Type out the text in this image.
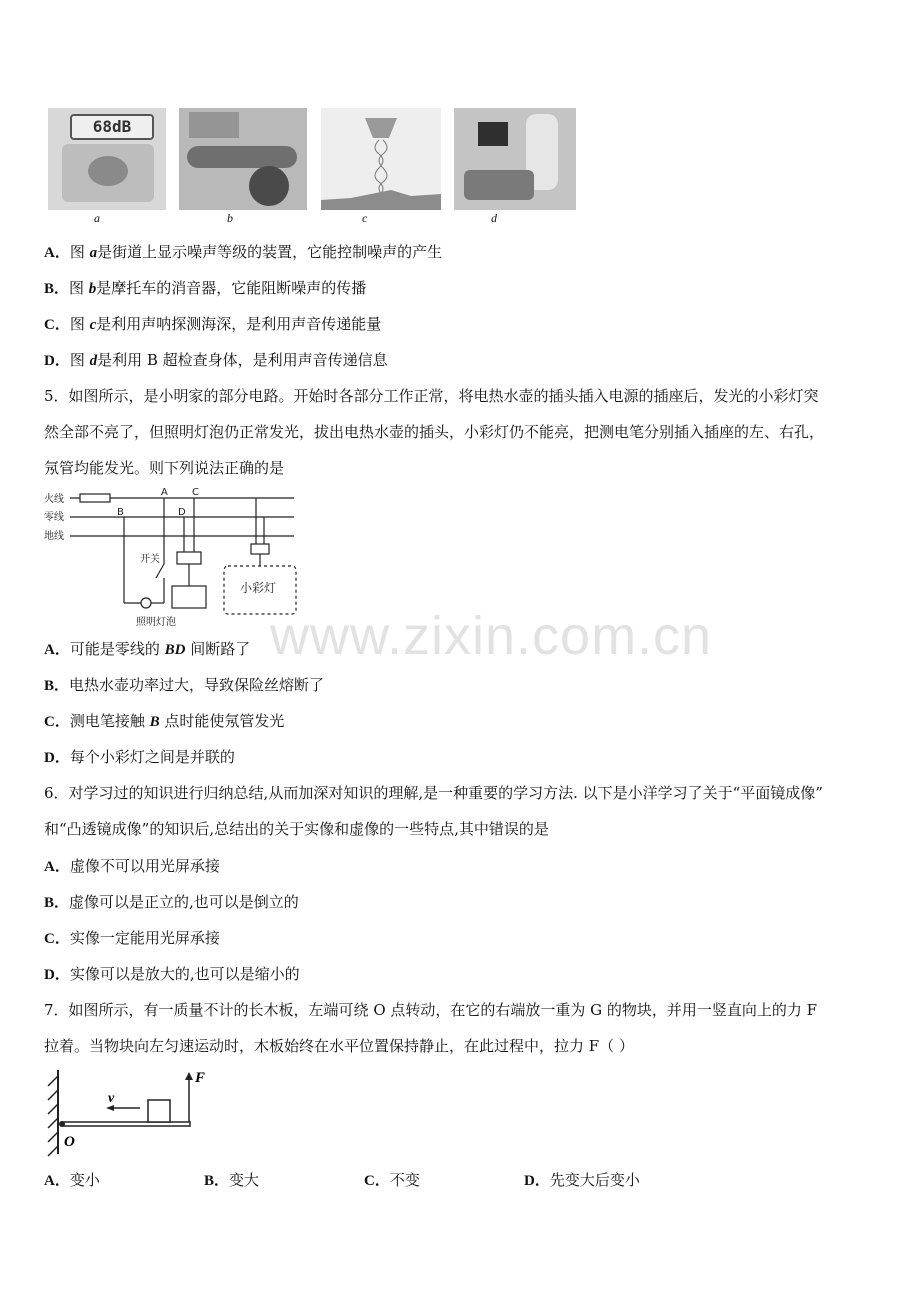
68dB
a	b	c	d
A．图 a是街道上显示噪声等级的装置，它能控制噪声的产生
B．图 b是摩托车的消音器，它能阻断噪声的传播
C．图 c是利用声呐探测海深，是利用声音传递能量
D．图 d是利用 B 超检查身体，是利用声音传递信息
5．如图所示，是小明家的部分电路。开始时各部分工作正常，将电热水壶的插头插入电源的插座后，发光的小彩灯突
然全部不亮了，但照明灯泡仍正常发光，拔出电热水壶的插头，小彩灯仍不能亮，把测电笔分别插入插座的左、右孔，
氖管均能发光。则下列说法正确的是
火线
零线
地线
A C
B	D
开关
照明灯泡
小彩灯
www.zixin.com.cn
A．可能是零线的 BD 间断路了
B．电热水壶功率过大，导致保险丝熔断了
C．测电笔接触 B 点时能使氖管发光
D．每个小彩灯之间是并联的
6．对学习过的知识进行归纳总结,从而加深对知识的理解,是一种重要的学习方法. 以下是小洋学习了关于“平面镜成像”
和“凸透镜成像”的知识后,总结出的关于实像和虚像的一些特点,其中错误的是
A．虚像不可以用光屏承接
B．虚像可以是正立的,也可以是倒立的
C．实像一定能用光屏承接
D．实像可以是放大的,也可以是缩小的
7．如图所示，有一质量不计的长木板，左端可绕 O 点转动，在它的右端放一重为 G 的物块，并用一竖直向上的力 F
拉着。当物块向左匀速运动时，木板始终在水平位置保持静止，在此过程中，拉力 F（ ）
v
F
O
A．变小	B．变大	C．不变	D．先变大后变小
